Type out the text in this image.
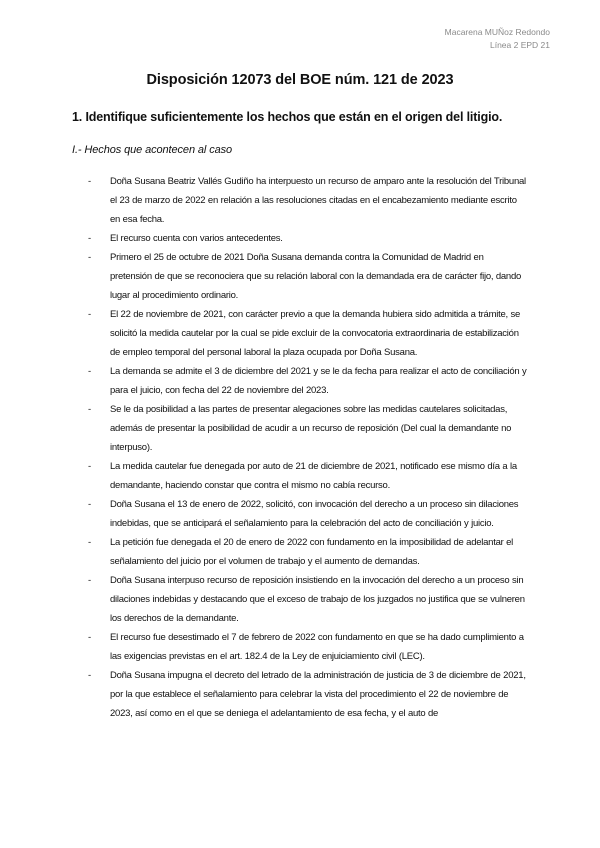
Macarena MUÑoz Redondo
Línea 2 EPD 21
Disposición 12073 del BOE núm. 121 de 2023
1. Identifique suficientemente los hechos que están en el origen del litigio.
I.- Hechos que acontecen al caso
- Doña Susana Beatriz Vallés Gudiño ha interpuesto un recurso de amparo ante la resolución del Tribunal el 23 de marzo de 2022 en relación a las resoluciones citadas en el encabezamiento mediante escrito en esa fecha.
- El recurso cuenta con varios antecedentes.
- Primero el 25 de octubre de 2021 Doña Susana demanda contra la Comunidad de Madrid en pretensión de que se reconociera que su relación laboral con la demandada era de carácter fijo, dando lugar al procedimiento ordinario.
- El 22 de noviembre de 2021, con carácter previo a que la demanda hubiera sido admitida a trámite, se solicitó la medida cautelar por la cual se pide excluir de la convocatoria extraordinaria de estabilización de empleo temporal del personal laboral la plaza ocupada por Doña Susana.
- La demanda se admite el 3 de diciembre del 2021 y se le da fecha para realizar el acto de conciliación y para el juicio, con fecha del 22 de noviembre del 2023.
- Se le da posibilidad a las partes de presentar alegaciones sobre las medidas cautelares solicitadas, además de presentar la posibilidad de acudir a un recurso de reposición (Del cual la demandante no interpuso).
- La medida cautelar fue denegada por auto de 21 de diciembre de 2021, notificado ese mismo día a la demandante, haciendo constar que contra el mismo no cabía recurso.
- Doña Susana el 13 de enero de 2022, solicitó, con invocación del derecho a un proceso sin dilaciones indebidas, que se anticipará el señalamiento para la celebración del acto de conciliación y juicio.
- La petición fue denegada el 20 de enero de 2022 con fundamento en la imposibilidad de adelantar el señalamiento del juicio por el volumen de trabajo y el aumento de demandas.
- Doña Susana interpuso recurso de reposición insistiendo en la invocación del derecho a un proceso sin dilaciones indebidas y destacando que el exceso de trabajo de los juzgados no justifica que se vulneren los derechos de la demandante.
- El recurso fue desestimado el 7 de febrero de 2022 con fundamento en que se ha dado cumplimiento a las exigencias previstas en el art. 182.4 de la Ley de enjuiciamiento civil (LEC).
- Doña Susana impugna el decreto del letrado de la administración de justicia de 3 de diciembre de 2021, por la que establece el señalamiento para celebrar la vista del procedimiento el 22 de noviembre de 2023, así como en el que se deniega el adelantamiento de esa fecha, y el auto de
